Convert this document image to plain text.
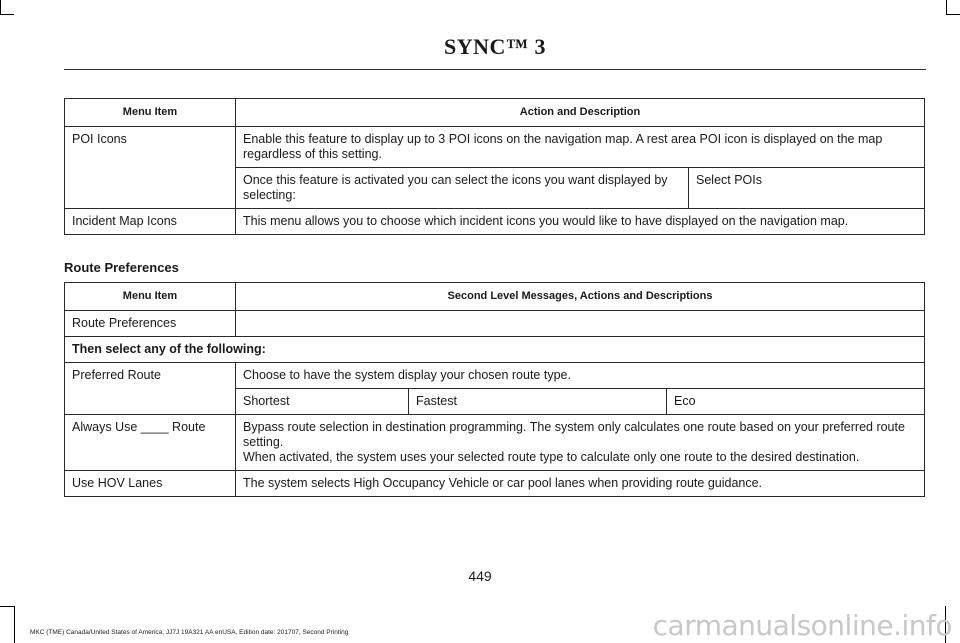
SYNC™ 3
Menu Item	Action and Description	
POI Icons	Enable this feature to display up to 3 POI icons on the navigation map. A rest area POI icon is displayed on the map regardless of this setting.	
	Once this feature is activated you can select the icons you want displayed by selecting:	Select POIs
Incident Map Icons	This menu allows you to choose which incident icons you would like to have displayed on the navigation map.	
Route Preferences
Menu Item	Second Level Messages, Actions and Descriptions		
Route Preferences			
Then select any of the following:			
Preferred Route	Choose to have the system display your chosen route type.		
	Shortest	Fastest	Eco
Always Use ____ Route	Bypass route selection in destination programming. The system only calculates one route based on your preferred route setting.
When activated, the system uses your selected route type to calculate only one route to the desired destination.		

Use HOV Lanes	The system selects High Occupancy Vehicle or car pool lanes when providing route guidance.		
449
MKC (TME) Canada/United States of America, JJ7J 19A321 AA enUSA, Edition date: 201707, Second Printing	carmanualsonline.info
